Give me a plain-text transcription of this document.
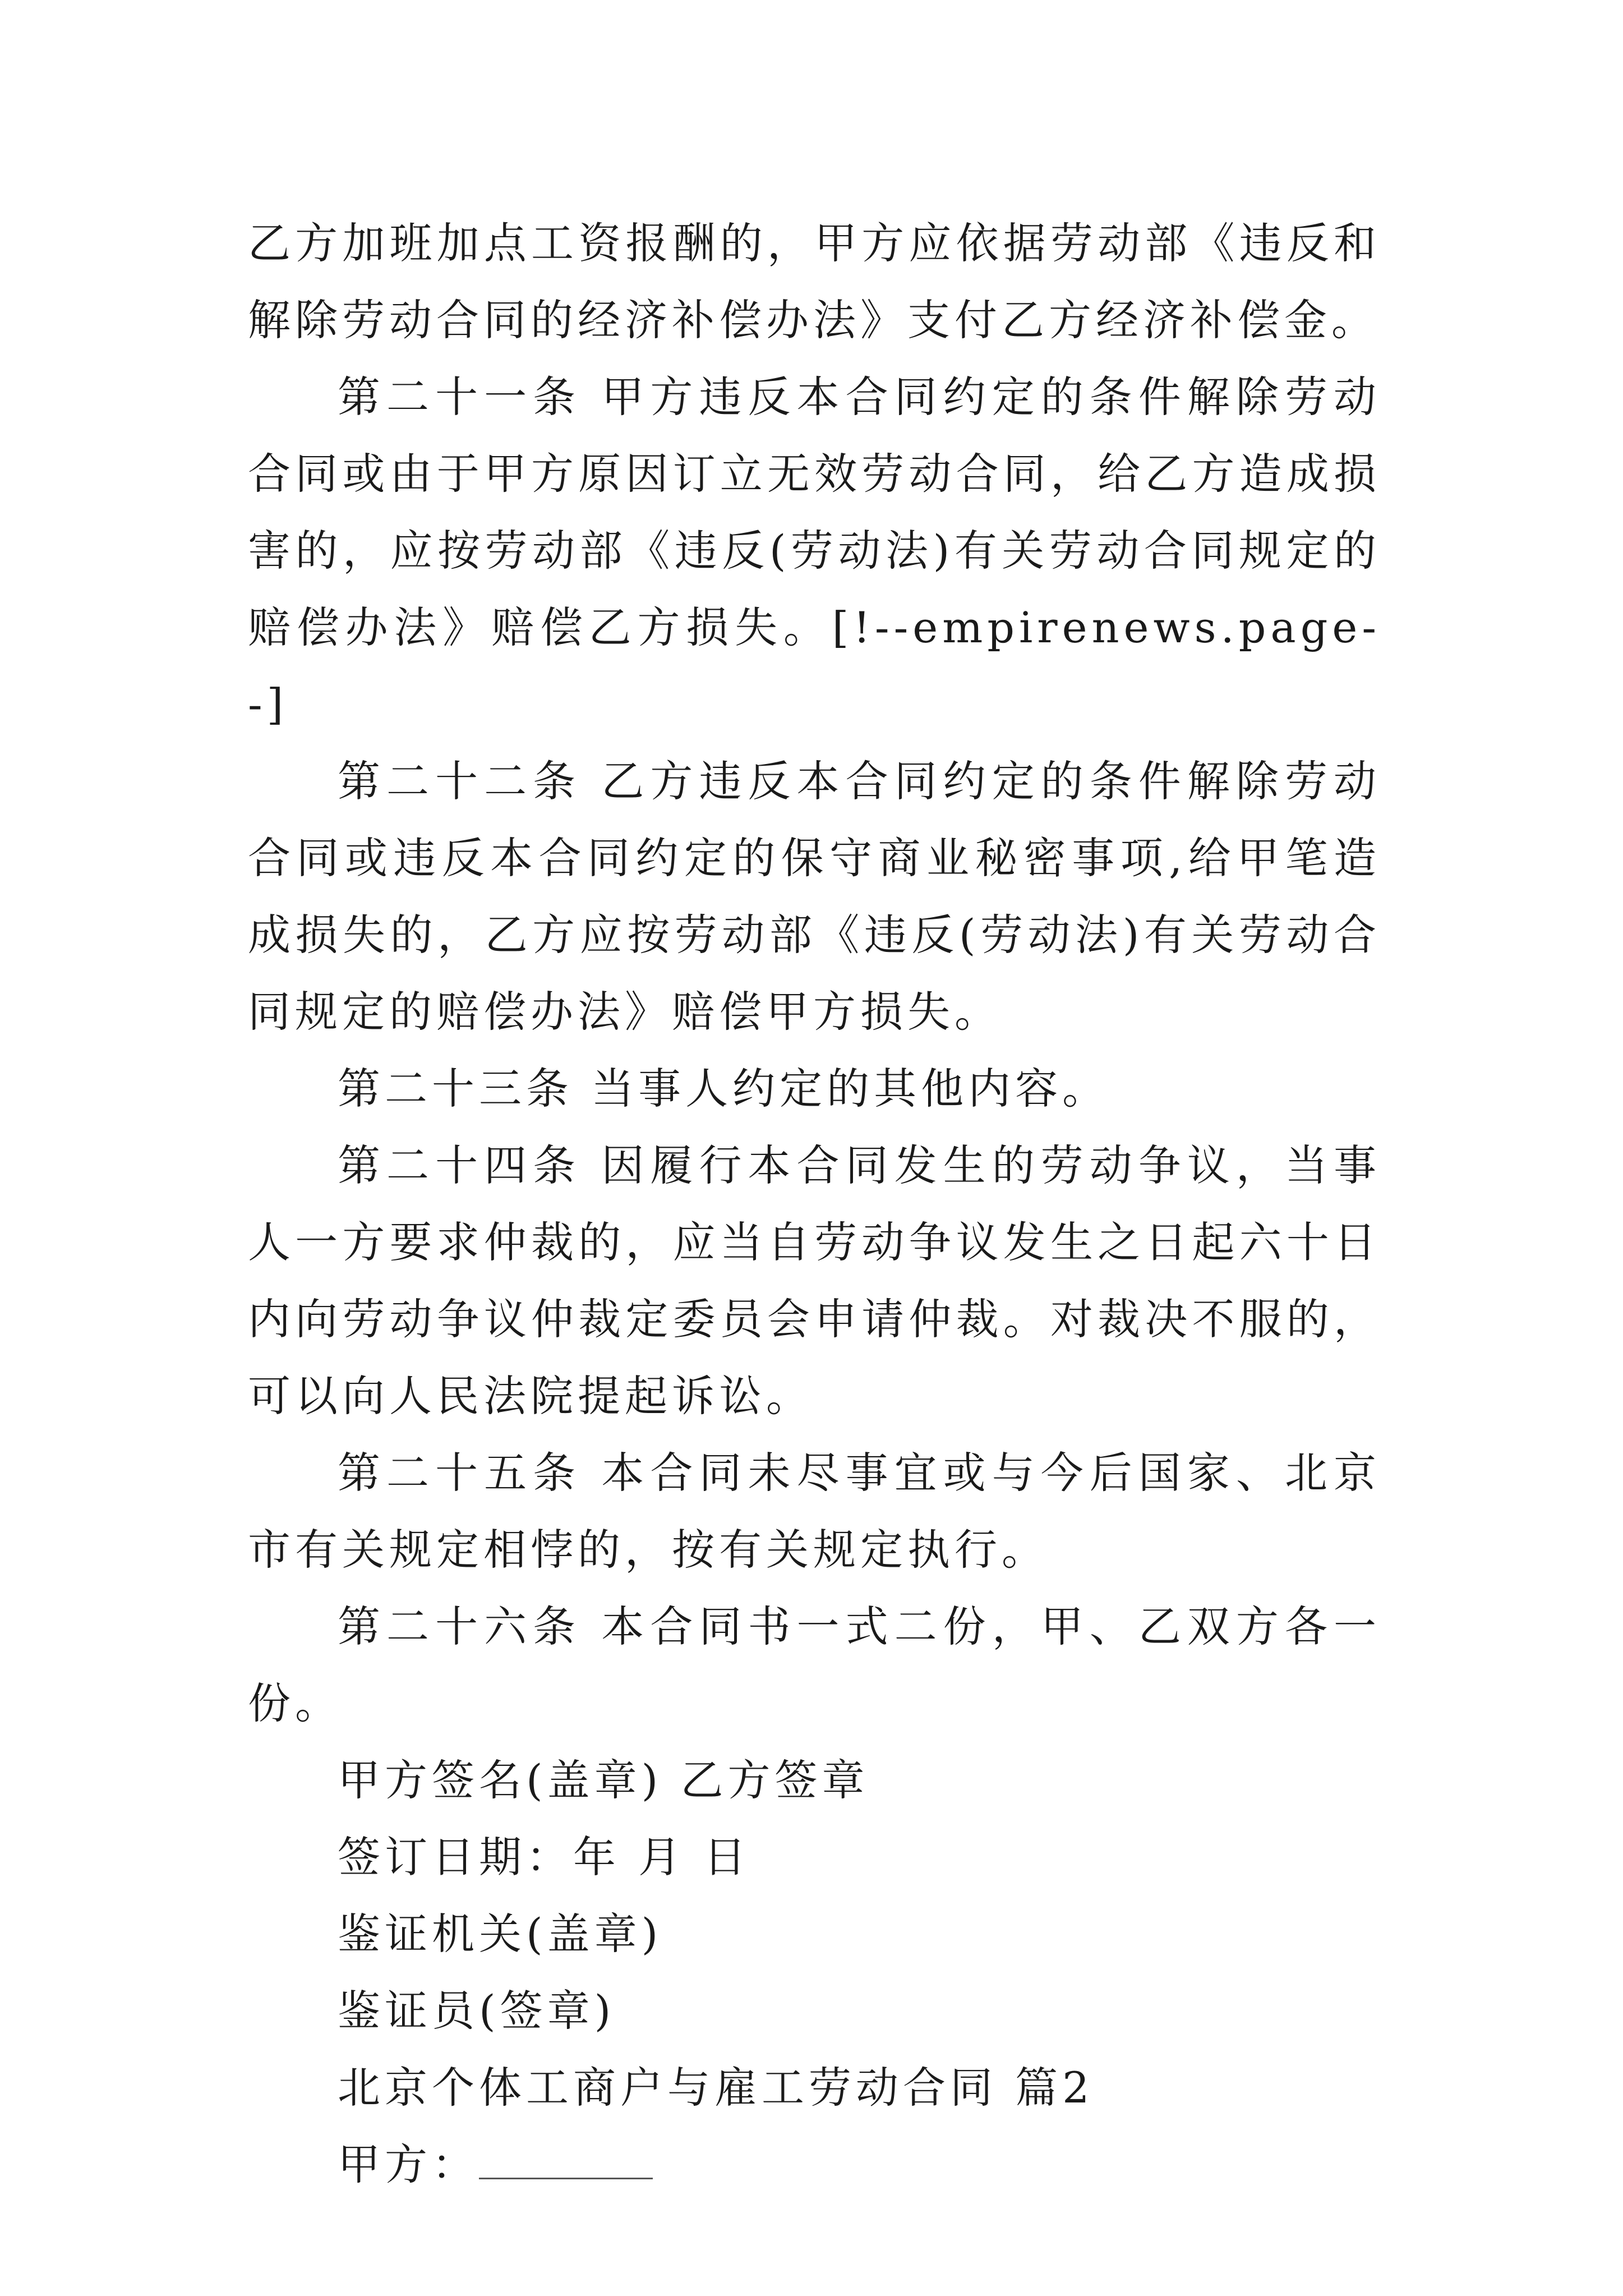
乙方加班加点工资报酬的，甲方应依据劳动部《违反和解除劳动合同的经济补偿办法》支付乙方经济补偿金。

第二十一条 甲方违反本合同约定的条件解除劳动合同或由于甲方原因订立无效劳动合同，给乙方造成损害的，应按劳动部《违反(劳动法)有关劳动合同规定的赔偿办法》赔偿乙方损失。[!--empirenews.page--]

第二十二条 乙方违反本合同约定的条件解除劳动合同或违反本合同约定的保守商业秘密事项,给甲笔造成损失的，乙方应按劳动部《违反(劳动法)有关劳动合同规定的赔偿办法》赔偿甲方损失。

第二十三条 当事人约定的其他内容。

第二十四条 因履行本合同发生的劳动争议，当事人一方要求仲裁的，应当自劳动争议发生之日起六十日内向劳动争议仲裁定委员会申请仲裁。对裁决不服的，可以向人民法院提起诉讼。

第二十五条 本合同未尽事宜或与今后国家、北京市有关规定相悖的，按有关规定执行。

第二十六条 本合同书一式二份，甲、乙双方各一份。

甲方签名(盖章) 乙方签章

签订日期：年 月 日

鉴证机关(盖章)

鉴证员(签章)

北京个体工商户与雇工劳动合同 篇2

甲方：
